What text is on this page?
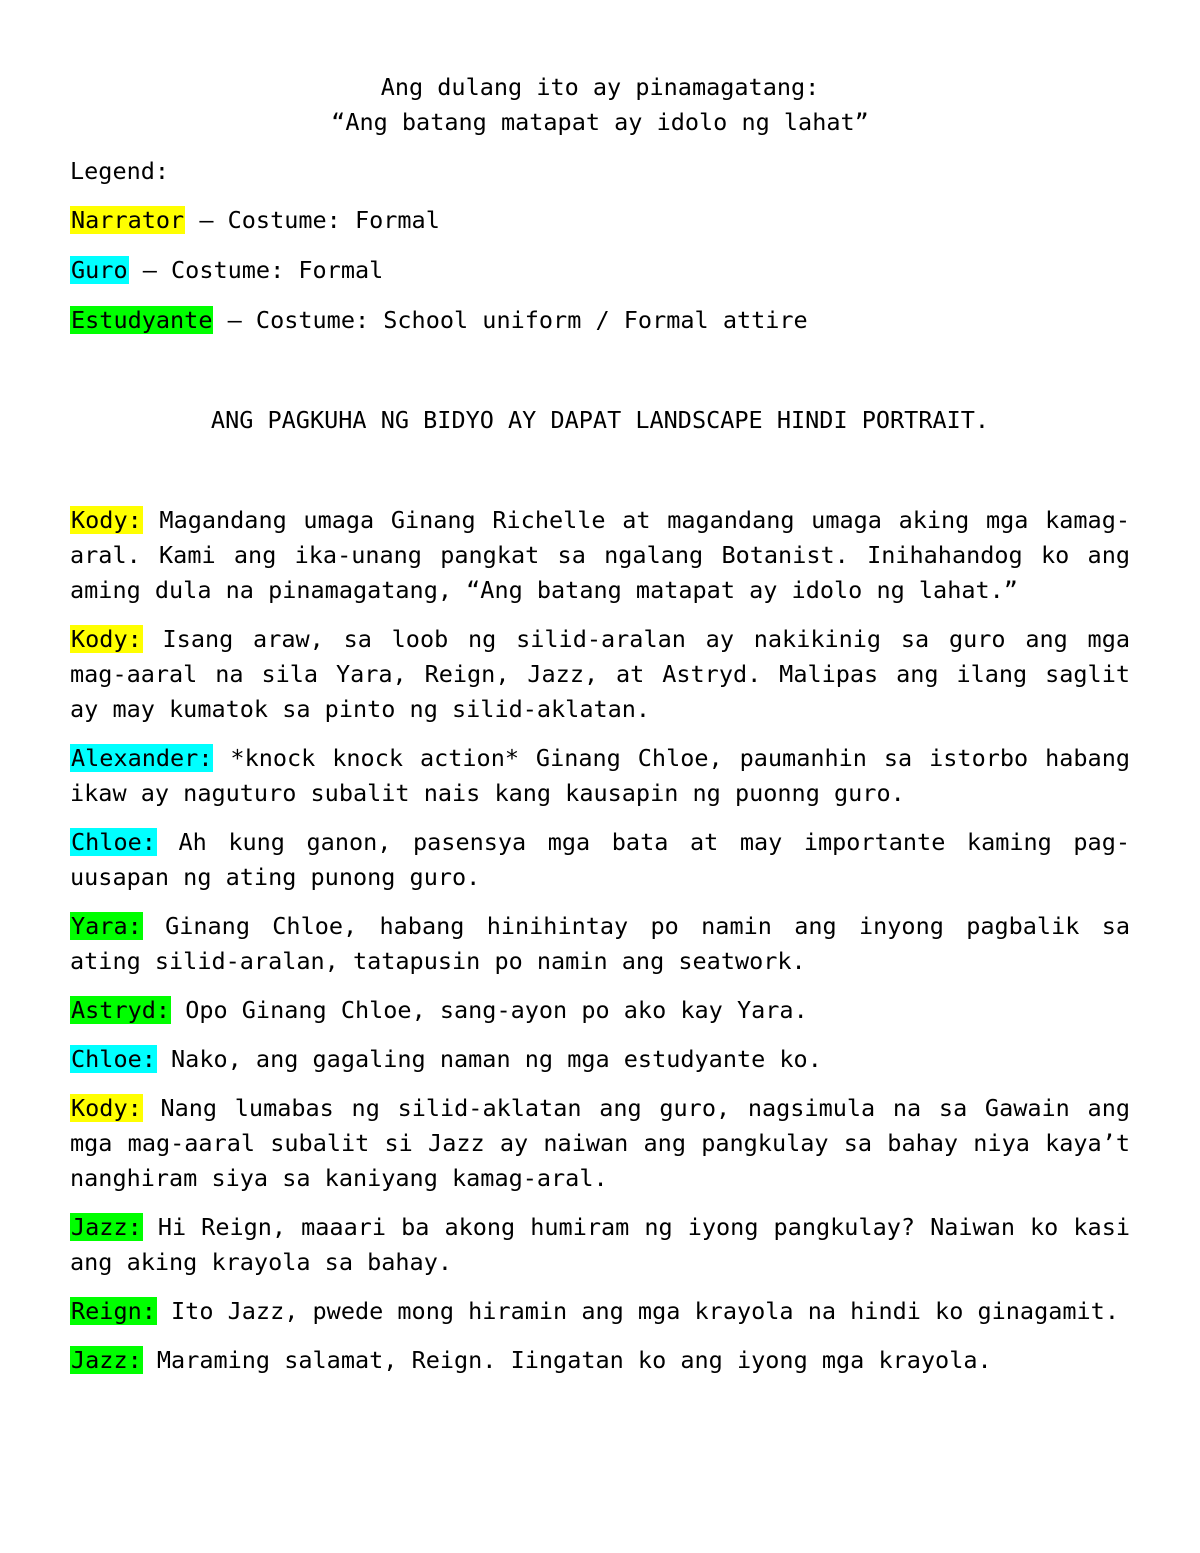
Ang dulang ito ay pinamagatang:
“Ang batang matapat ay idolo ng lahat”
Legend:
Narrator – Costume: Formal
Guro – Costume: Formal
Estudyante – Costume: School uniform / Formal attire
ANG PAGKUHA NG BIDYO AY DAPAT LANDSCAPE HINDI PORTRAIT.
Kody: Magandang umaga Ginang Richelle at magandang umaga aking mga kamag-aral. Kami ang ika-unang pangkat sa ngalang Botanist. Inihahandog ko ang aming dula na pinamagatang, “Ang batang matapat ay idolo ng lahat.”
Kody: Isang araw, sa loob ng silid-aralan ay nakikinig sa guro ang mga mag-aaral na sila Yara, Reign, Jazz, at Astryd. Malipas ang ilang saglit ay may kumatok sa pinto ng silid-aklatan.
Alexander: *knock knock action* Ginang Chloe, paumanhin sa istorbo habang ikaw ay naguturo subalit nais kang kausapin ng puonng guro.
Chloe: Ah kung ganon, pasensya mga bata at may importante kaming pag-uusapan ng ating punong guro.
Yara: Ginang Chloe, habang hinihintay po namin ang inyong pagbalik sa ating silid-aralan, tatapusin po namin ang seatwork.
Astryd: Opo Ginang Chloe, sang-ayon po ako kay Yara.
Chloe: Nako, ang gagaling naman ng mga estudyante ko.
Kody: Nang lumabas ng silid-aklatan ang guro, nagsimula na sa Gawain ang mga mag-aaral subalit si Jazz ay naiwan ang pangkulay sa bahay niya kaya’t nanghiram siya sa kaniyang kamag-aral.
Jazz: Hi Reign, maaari ba akong humiram ng iyong pangkulay? Naiwan ko kasi ang aking krayola sa bahay.
Reign: Ito Jazz, pwede mong hiramin ang mga krayola na hindi ko ginagamit.
Jazz: Maraming salamat, Reign. Iingatan ko ang iyong mga krayola.
